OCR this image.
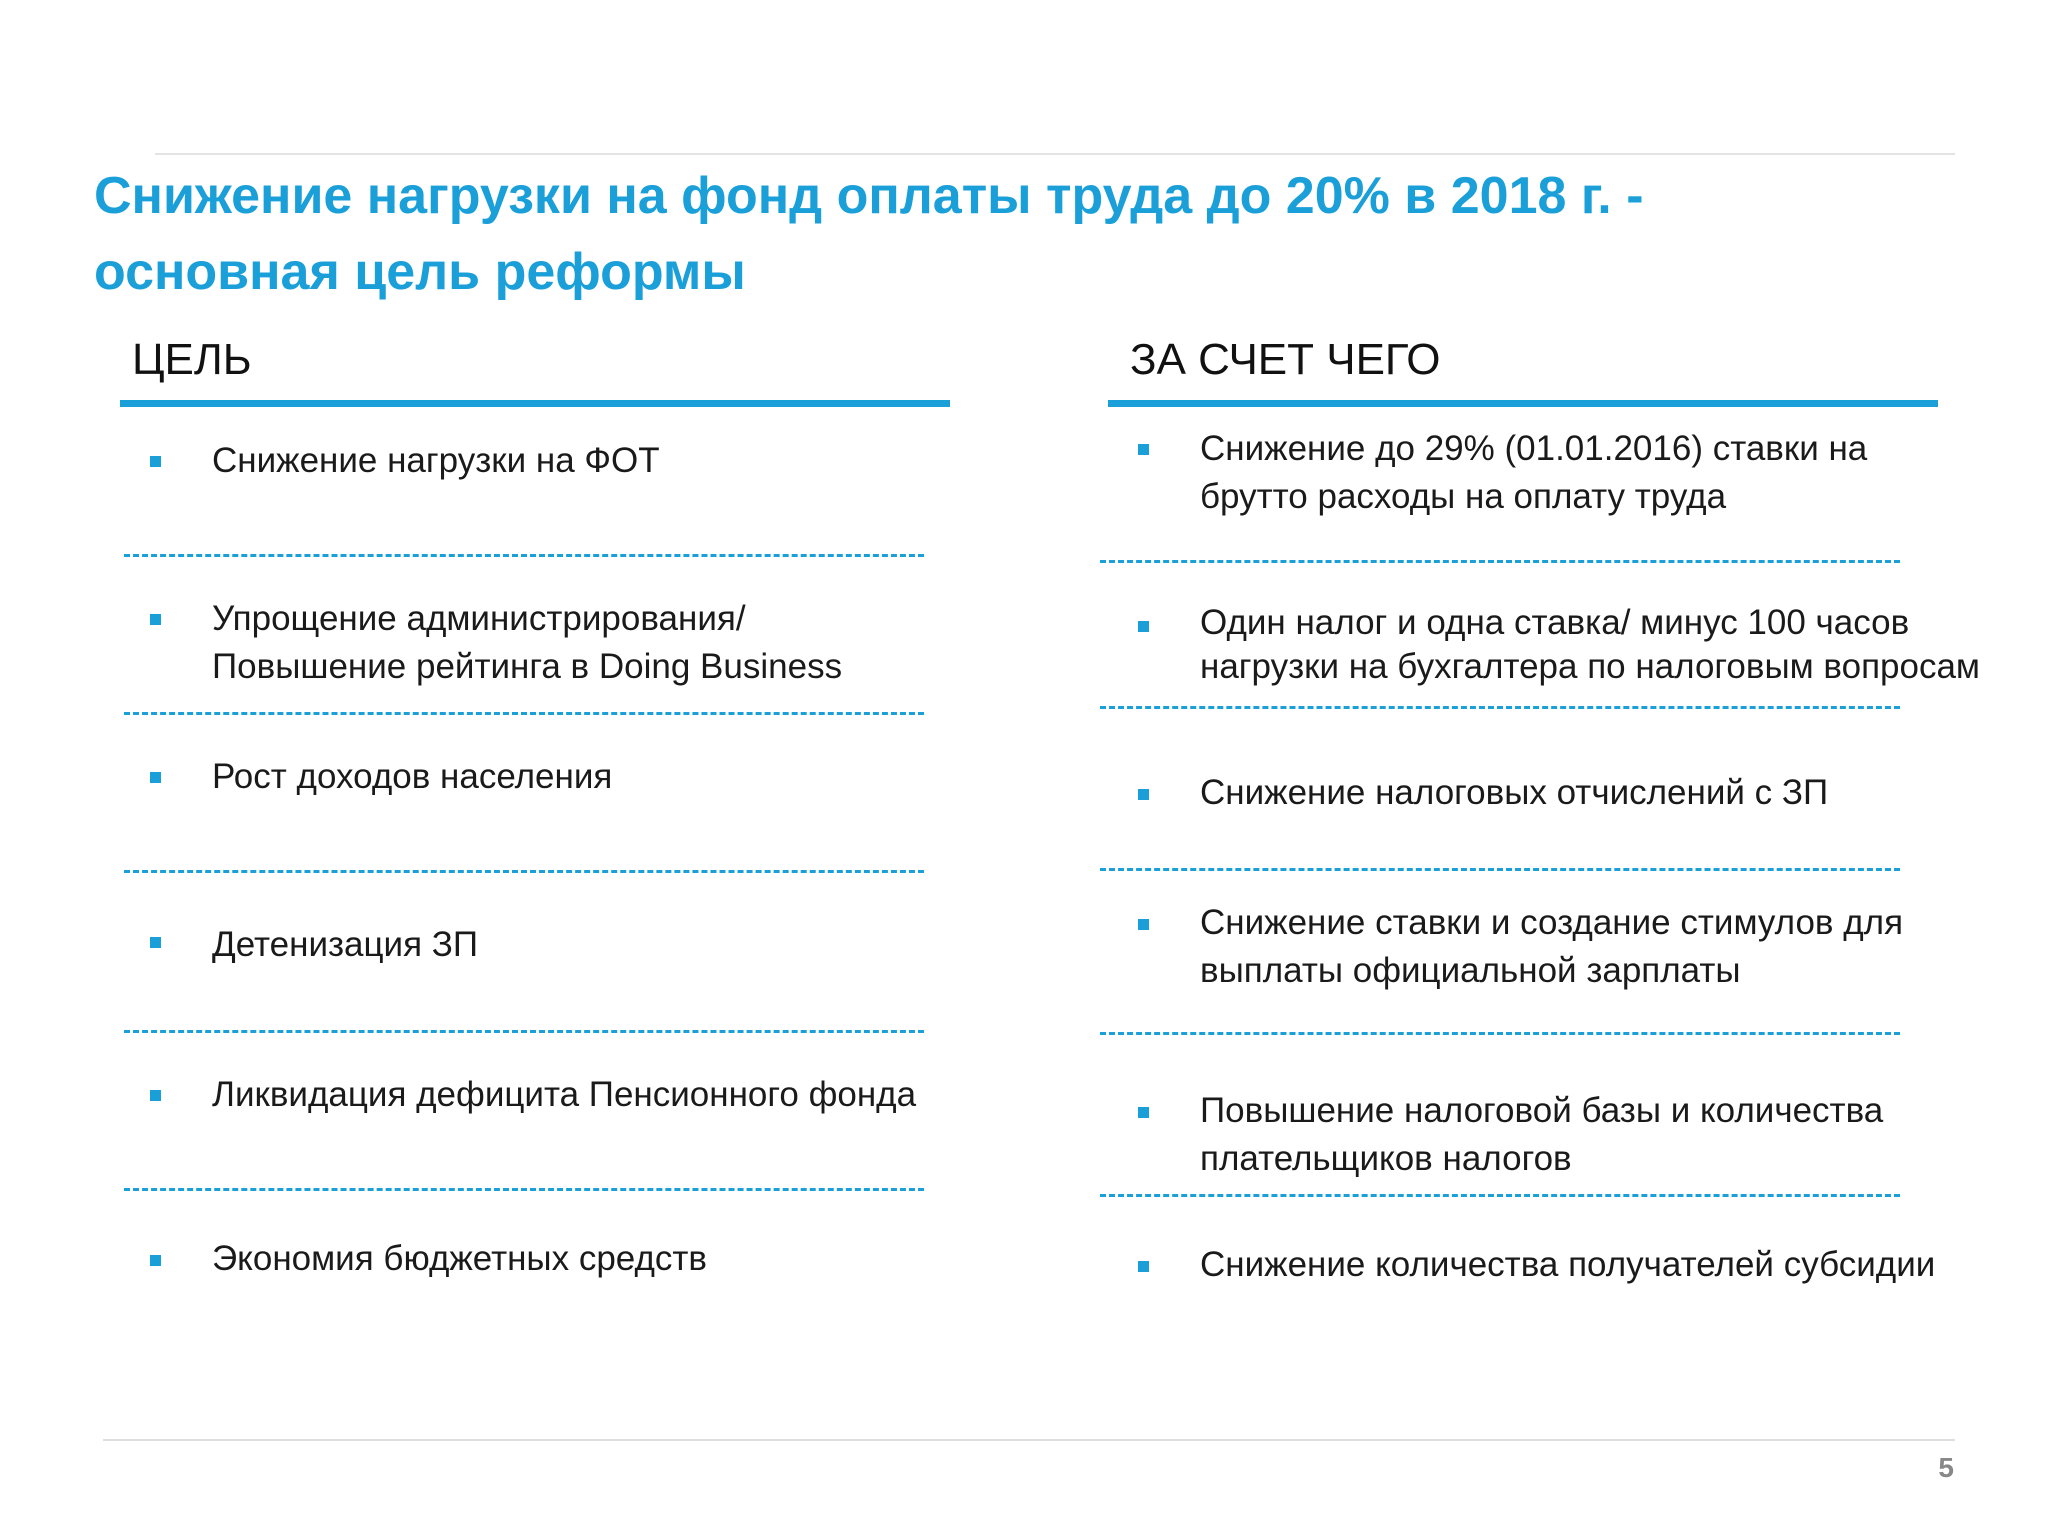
Снижение нагрузки на фонд оплаты труда до 20% в 2018 г. -
основная цель реформы
ЦЕЛЬ
Снижение нагрузки на ФОТ
Упрощение администрирования/
Повышение рейтинга в Doing Business
Рост доходов населения
Детенизация ЗП
Ликвидация дефицита Пенсионного фонда
Экономия бюджетных средств
ЗА СЧЕТ ЧЕГО
Снижение до 29% (01.01.2016) ставки на
брутто расходы на оплату труда
Один налог и одна ставка/ минус 100 часов
нагрузки на бухгалтера по налоговым вопросам
Снижение налоговых отчислений с ЗП
Снижение ставки и создание стимулов для
выплаты официальной зарплаты
Повышение налоговой базы и количества
плательщиков налогов
Снижение количества получателей субсидии
5
